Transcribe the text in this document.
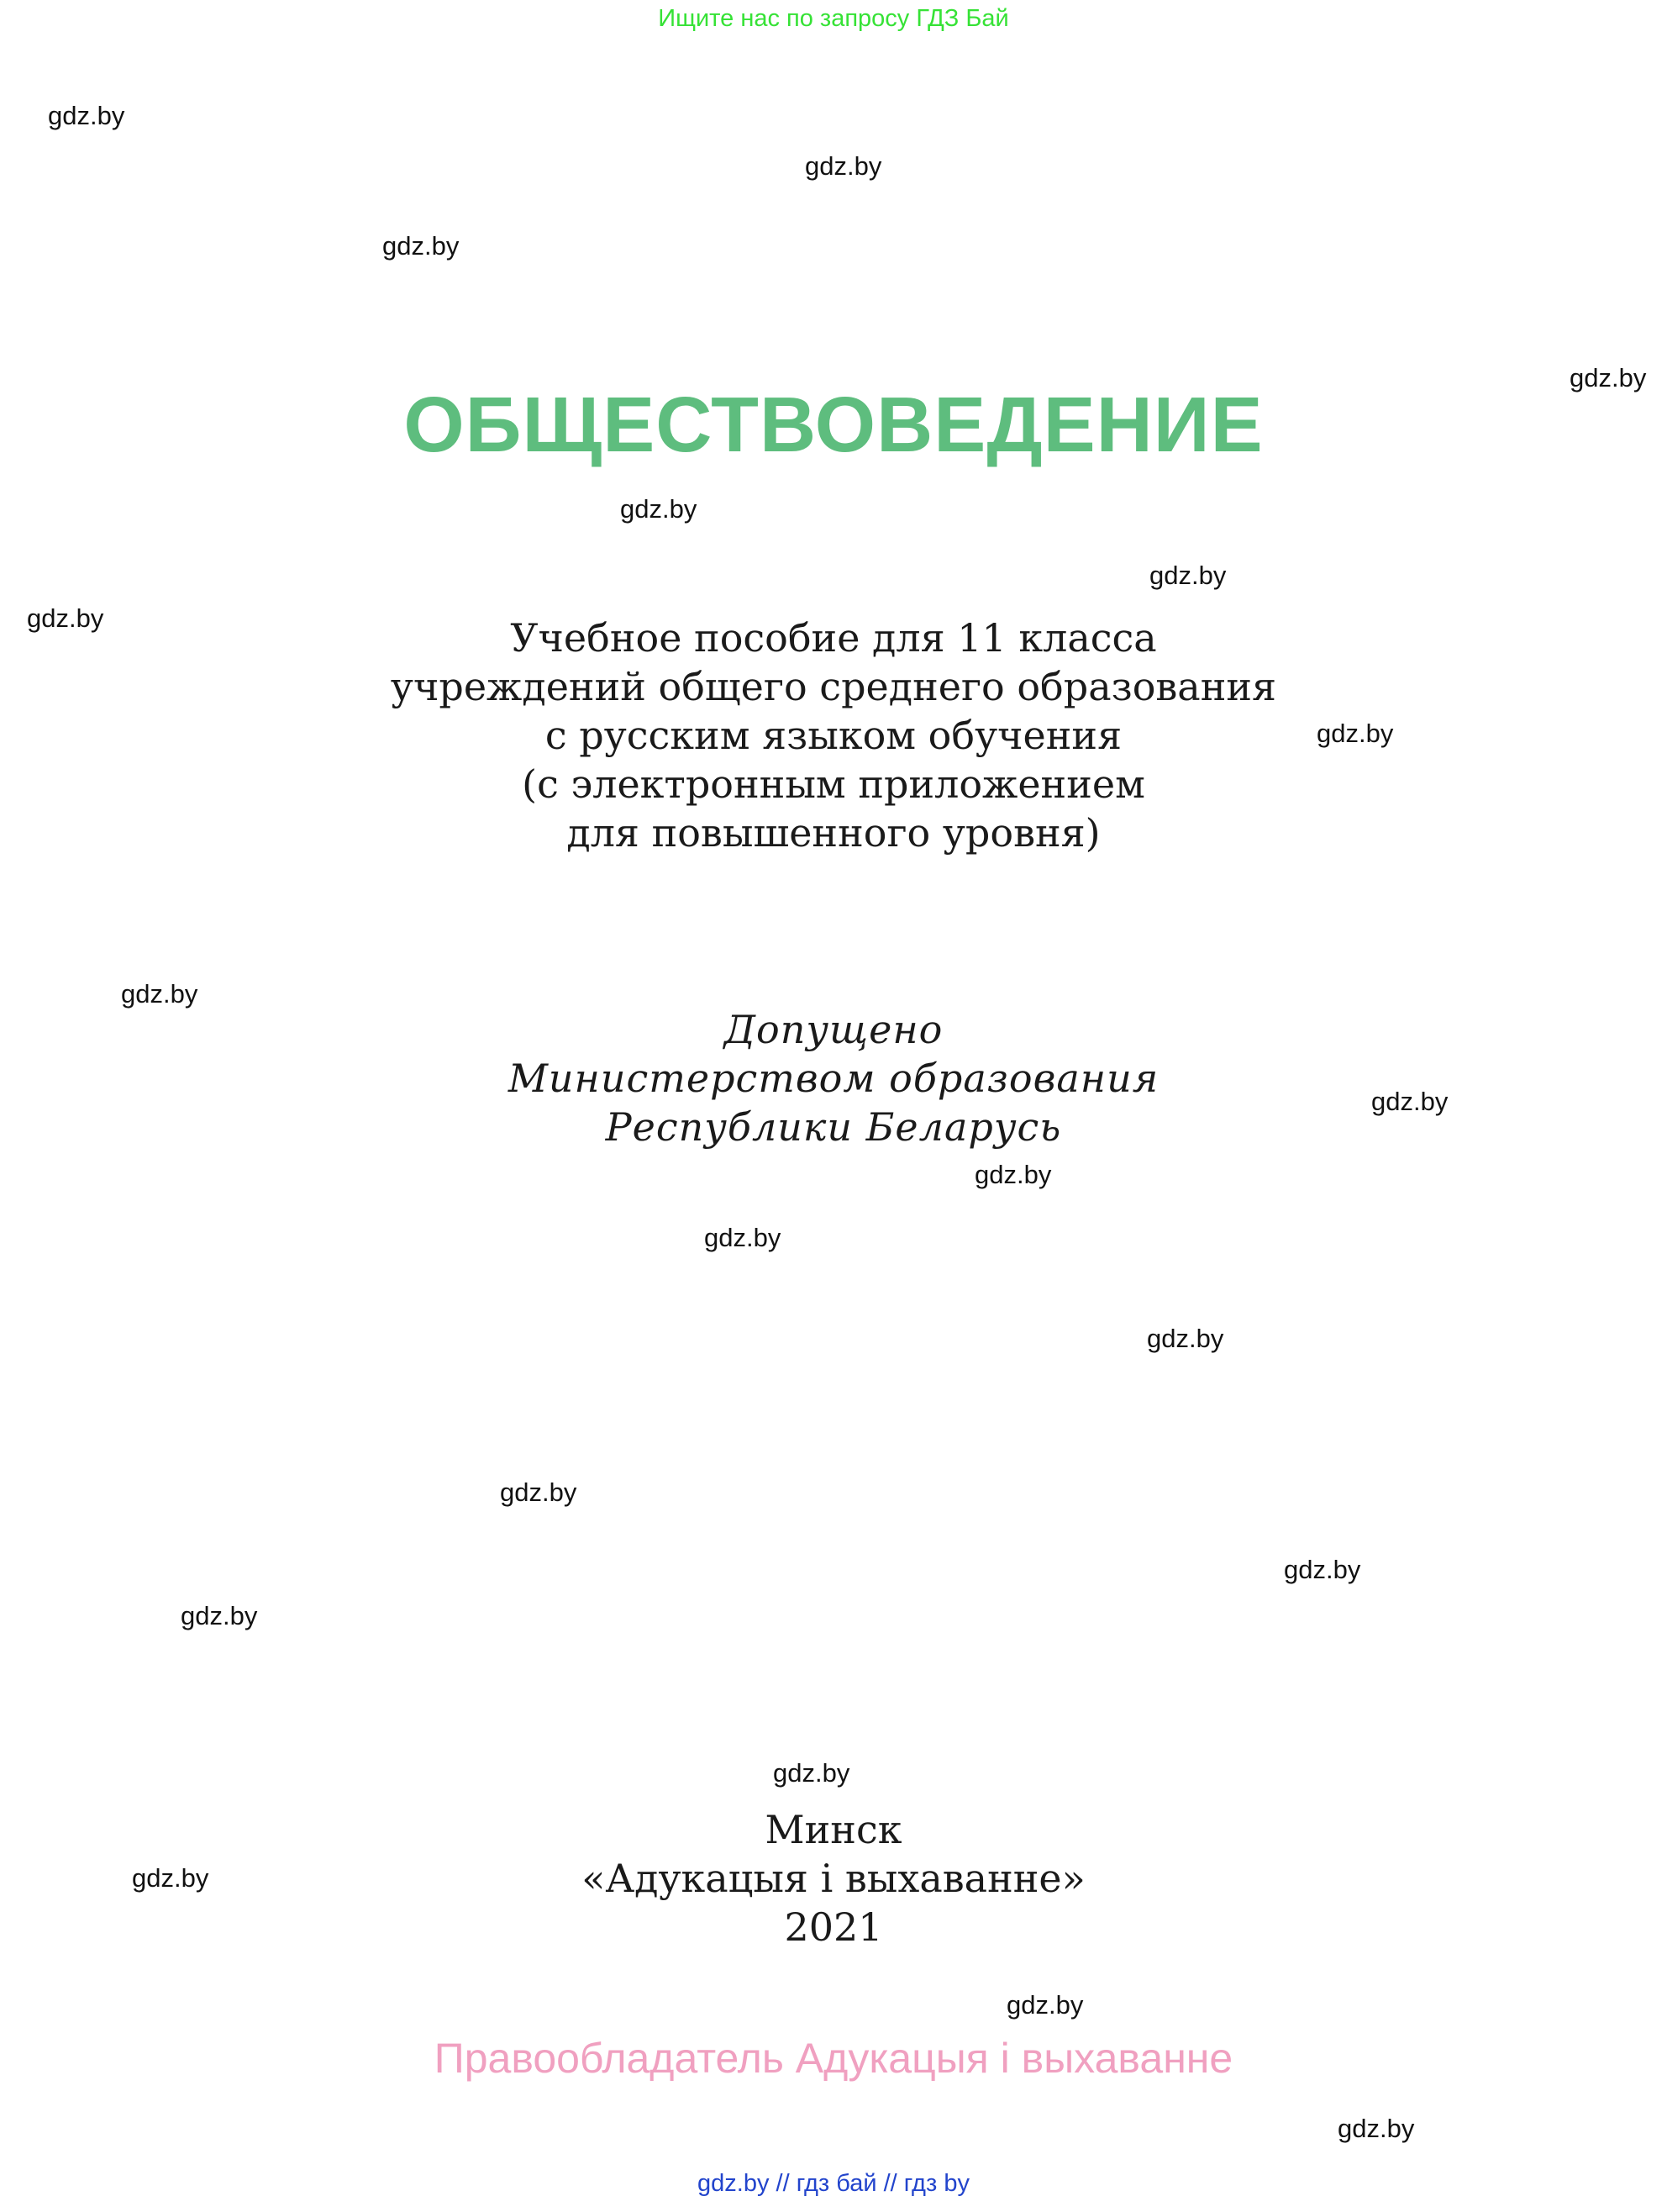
Ищите нас по запросу ГДЗ Бай
gdz.by
gdz.by
gdz.by
gdz.by
ОБЩЕСТВОВЕДЕНИЕ
gdz.by
gdz.by
gdz.by
gdz.by
Учебное пособие для 11 класса
учреждений общего среднего образования
с русским языком обучения
(с электронным приложением
для повышенного уровня)
gdz.by
Допущено
Министерством образования
Республики Беларусь
gdz.by
gdz.by
gdz.by
gdz.by
gdz.by
gdz.by
gdz.by
gdz.by
Минск
«Адукацыя і выхаванне»
2021
gdz.by
gdz.by
Правообладатель Адукацыя і выхаванне
gdz.by
gdz.by // гдз бай // гдз by
